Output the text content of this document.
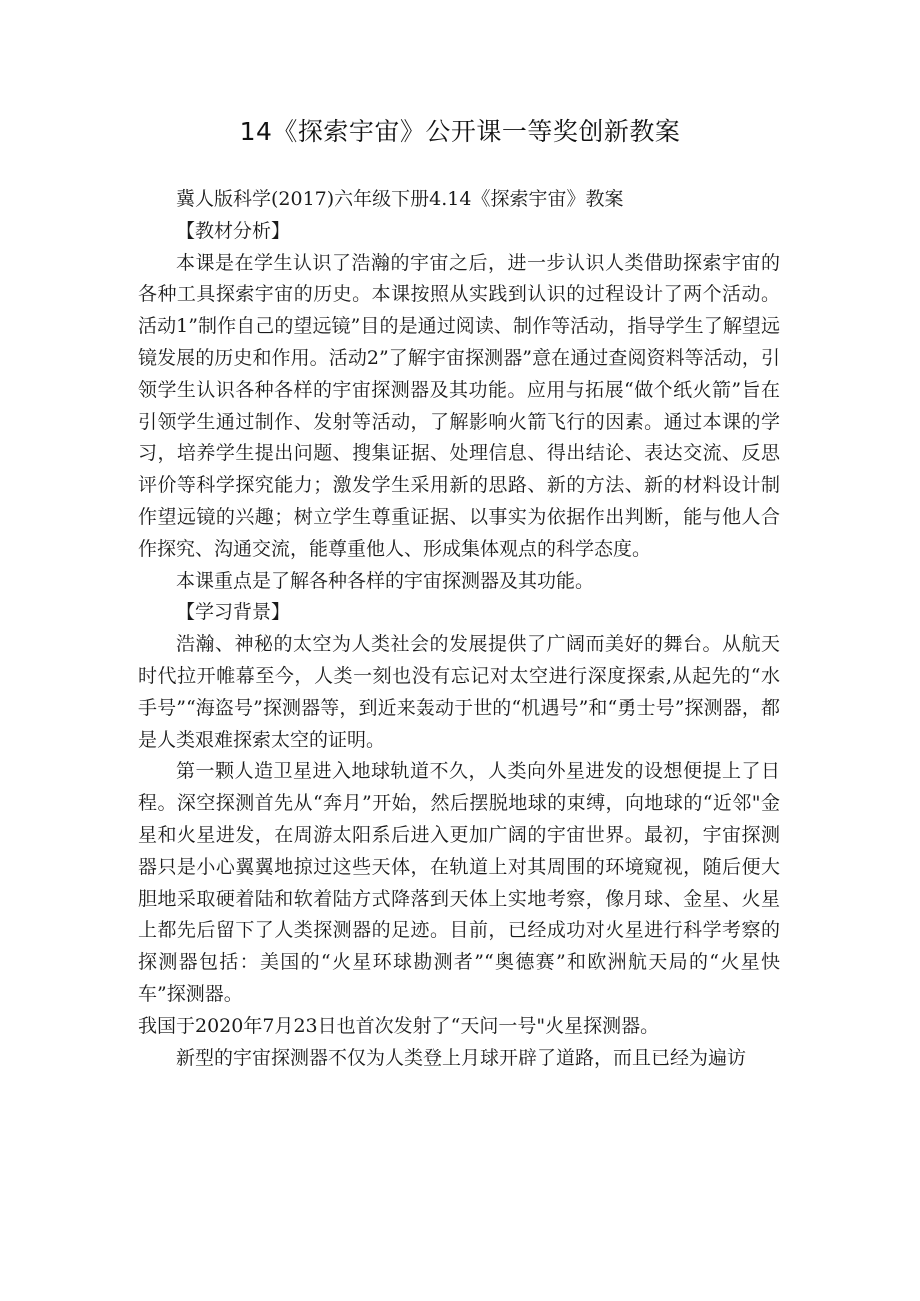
14《探索宇宙》公开课一等奖创新教案

冀人版科学(2017)六年级下册4.14《探索宇宙》教案

【教材分析】

本课是在学生认识了浩瀚的宇宙之后，进一步认识人类借助探索宇宙的各种工具探索宇宙的历史。本课按照从实践到认识的过程设计了两个活动。活动1”制作自己的望远镜”目的是通过阅读、制作等活动，指导学生了解望远镜发展的历史和作用。活动2”了解宇宙探测器”意在通过查阅资料等活动，引领学生认识各种各样的宇宙探测器及其功能。应用与拓展“做个纸火箭”旨在引领学生通过制作、发射等活动，了解影响火箭飞行的因素。通过本课的学习，培养学生提出问题、搜集证据、处理信息、得出结论、表达交流、反思评价等科学探究能力；激发学生采用新的思路、新的方法、新的材料设计制作望远镜的兴趣；树立学生尊重证据、以事实为依据作出判断，能与他人合作探究、沟通交流，能尊重他人、形成集体观点的科学态度。

本课重点是了解各种各样的宇宙探测器及其功能。

【学习背景】

浩瀚、神秘的太空为人类社会的发展提供了广阔而美好的舞台。从航天时代拉开帷幕至今，人类一刻也没有忘记对太空进行深度探索,从起先的“水手号”“海盗号”探测器等，到近来轰动于世的“机遇号”和“勇士号”探测器，都是人类艰难探索太空的证明。

第一颗人造卫星进入地球轨道不久，人类向外星进发的设想便提上了日程。深空探测首先从“奔月”开始，然后摆脱地球的束缚，向地球的“近邻"金星和火星进发，在周游太阳系后进入更加广阔的宇宙世界。最初，宇宙探测器只是小心翼翼地掠过这些天体，在轨道上对其周围的环境窥视，随后便大胆地采取硬着陆和软着陆方式降落到天体上实地考察，像月球、金星、火星上都先后留下了人类探测器的足迹。目前，已经成功对火星进行科学考察的探测器包括：美国的“火星环球勘测者”“奥德赛”和欧洲航天局的“火星快车”探测器。

我国于2020年7月23日也首次发射了“天问一号"火星探测器。

新型的宇宙探测器不仅为人类登上月球开辟了道路，而且已经为遍访
